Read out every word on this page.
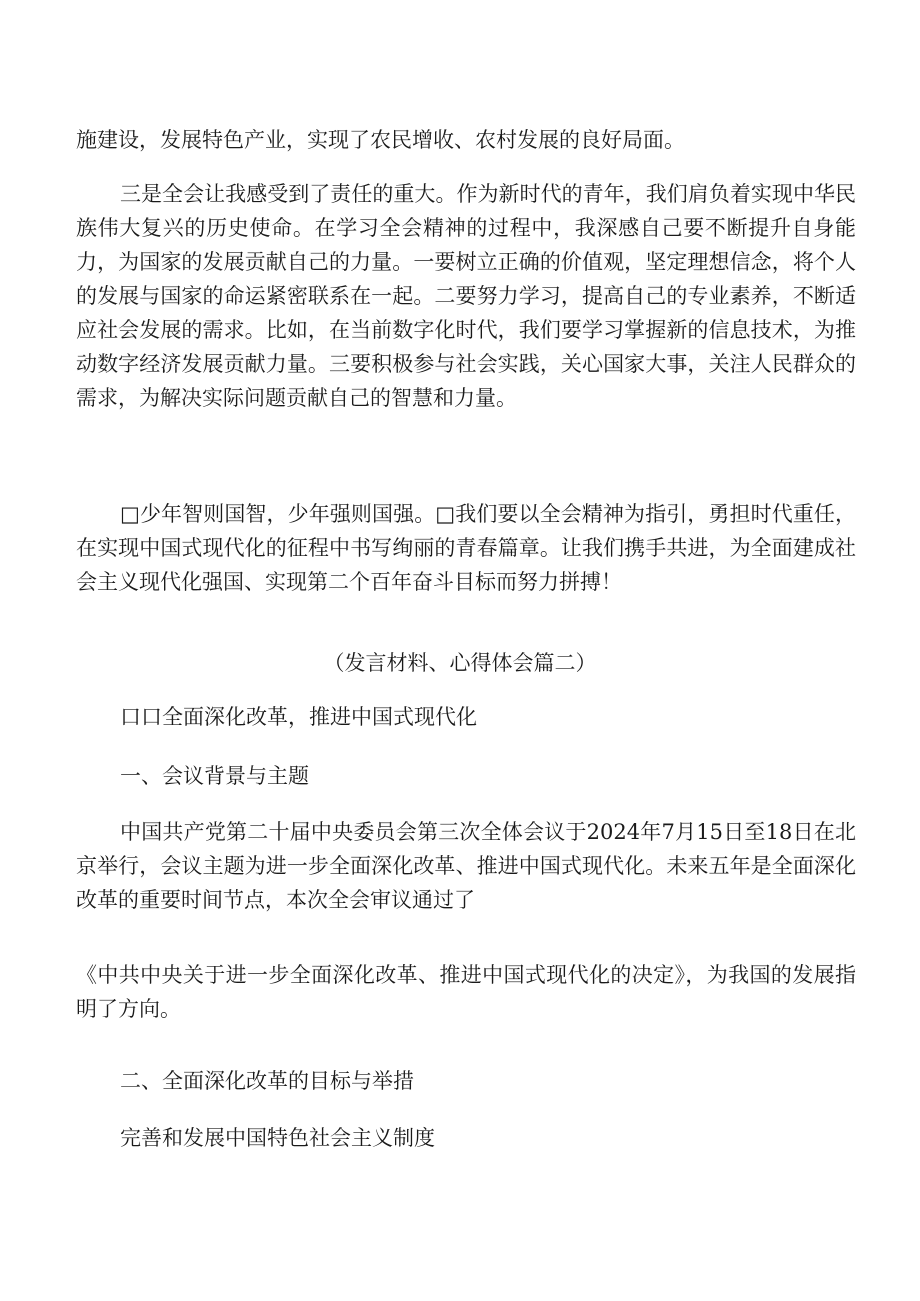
施建设，发展特色产业，实现了农民增收、农村发展的良好局面。
三是全会让我感受到了责任的重大。作为新时代的青年，我们肩负着实现中华民族伟大复兴的历史使命。在学习全会精神的过程中，我深感自己要不断提升自身能力，为国家的发展贡献自己的力量。一要树立正确的价值观，坚定理想信念，将个人的发展与国家的命运紧密联系在一起。二要努力学习，提高自己的专业素养，不断适应社会发展的需求。比如，在当前数字化时代，我们要学习掌握新的信息技术，为推动数字经济发展贡献力量。三要积极参与社会实践，关心国家大事，关注人民群众的需求，为解决实际问题贡献自己的智慧和力量。
□少年智则国智，少年强则国强。□我们要以全会精神为指引，勇担时代重任，在实现中国式现代化的征程中书写绚丽的青春篇章。让我们携手共进，为全面建成社会主义现代化强国、实现第二个百年奋斗目标而努力拼搏！
（发言材料、心得体会篇二）
口口全面深化改革，推进中国式现代化
一、会议背景与主题
中国共产党第二十届中央委员会第三次全体会议于2024年7月15日至18日在北京举行，会议主题为进一步全面深化改革、推进中国式现代化。未来五年是全面深化改革的重要时间节点，本次全会审议通过了
《中共中央关于进一步全面深化改革、推进中国式现代化的决定》，为我国的发展指明了方向。
二、全面深化改革的目标与举措
完善和发展中国特色社会主义制度
